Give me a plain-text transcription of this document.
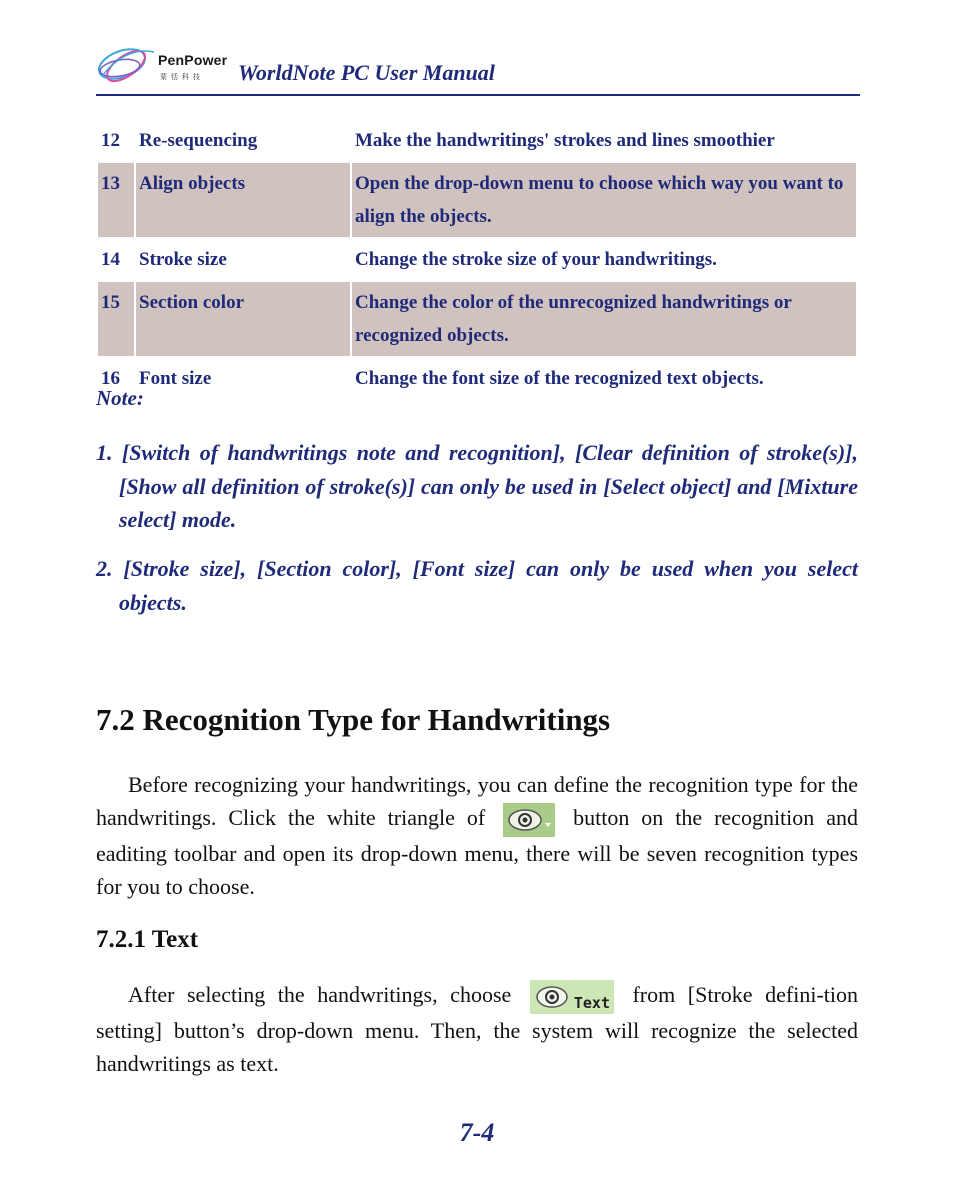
PenPower
蒙恬科技 WorldNote PC User Manual
12	Re-sequencing	Make the handwritings' strokes and lines smoothier
13	Align objects	Open the drop-down menu to choose which way you want to align the objects.
14	Stroke size	Change the stroke size of your handwritings.
15	Section color	Change the color of the unrecognized handwritings or recognized objects.
16	Font size	Change the font size of the recognized text objects.
Note:
1. [Switch of handwritings note and recognition], [Clear definition of stroke(s)], [Show all definition of stroke(s)] can only be used in [Select object] and [Mixture select] mode.
2. [Stroke size], [Section color], [Font size] can only be used when you select objects.
7.2 Recognition Type for Handwritings
Before recognizing your handwritings, you can define the recognition type for the handwritings. Click the white triangle of	button on the recognition and eaditing toolbar and open its drop-down menu, there will be seven recognition types for you to choose.
7.2.1 Text
After selecting the handwritings, choose	Text from [Stroke defini-tion setting] button’s drop-down menu. Then, the system will recognize the selected handwritings as text.
7-4
